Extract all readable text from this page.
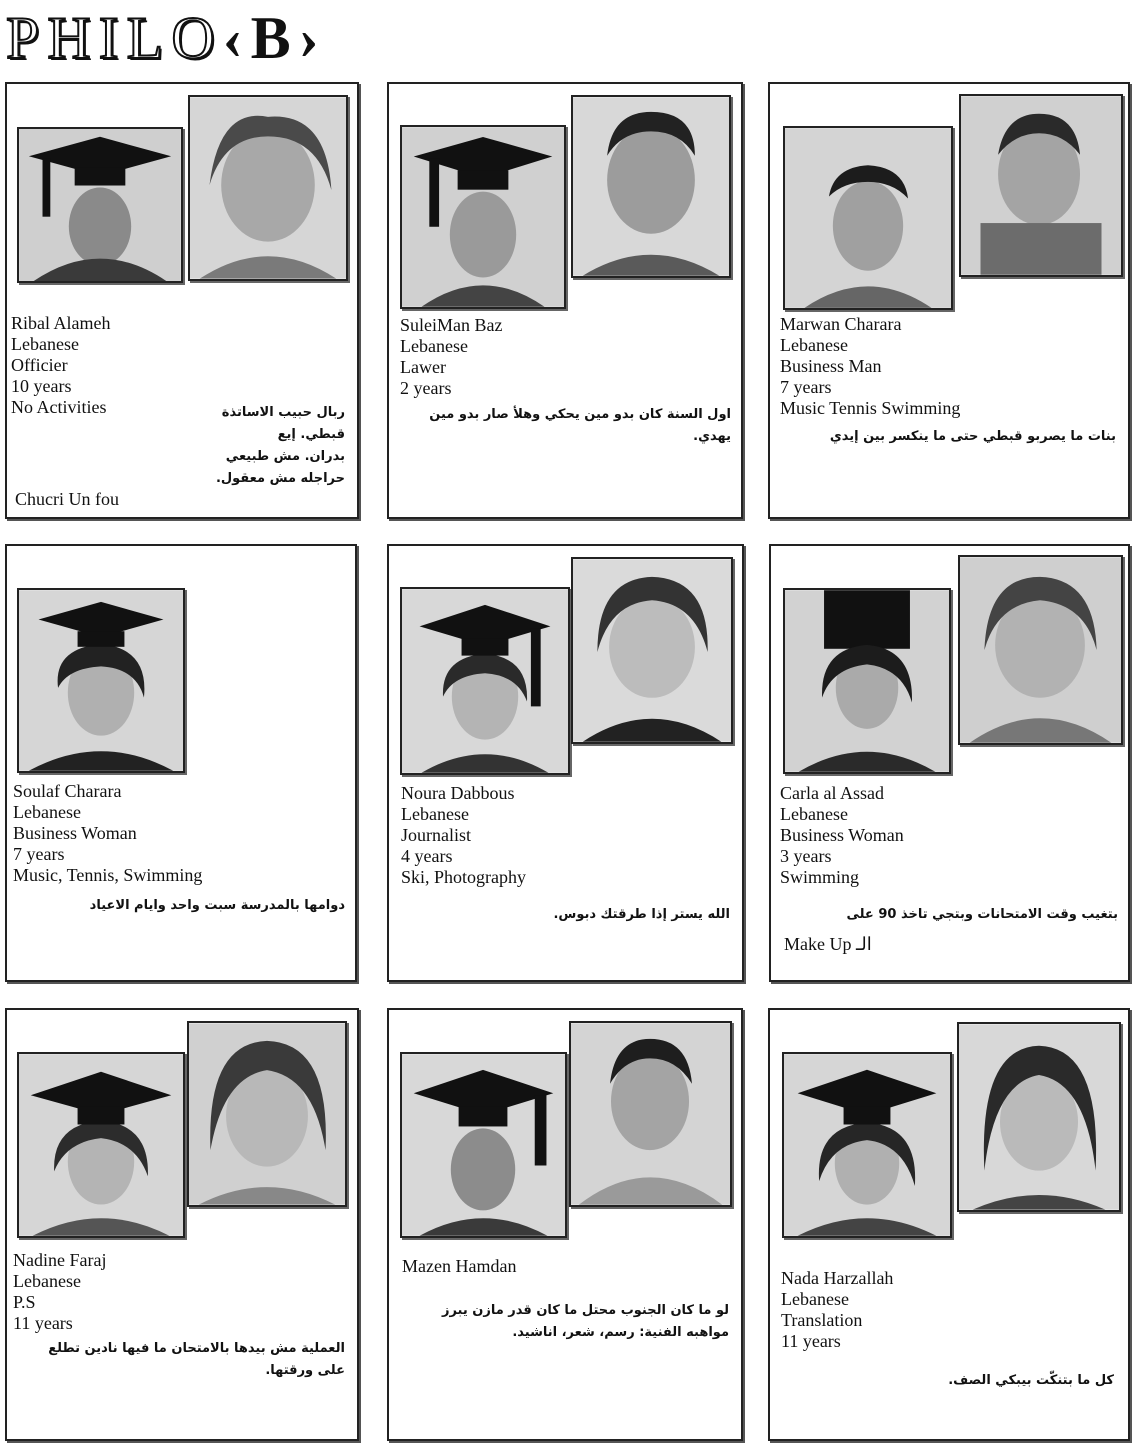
PHILO‹B›
Ribal Alameh
Lebanese
Officier
10 years
No Activities	ربال حبيب الاساتذة
قبطي. إيع
بدران. مش طبيعي
حراجله مش معقول.
Chucri Un fou
SuleiMan Baz
Lebanese
Lawer
2 years
اول السنة كان بدو مين يحكي وهلأ صار بدو مين
يهدي.
Marwan Charara
Lebanese
Business Man
7 years
Music Tennis Swimming
بنات ما يصربو قبطي حتى ما ينكسر بين إيدي
Soulaf Charara
Lebanese
Business Woman
7 years
Music, Tennis, Swimming
دوامها بالمدرسة سبت واحد وايام الاعياد
Noura Dabbous
Lebanese
Journalist
4 years
Ski, Photography
الله يستر إذا طرقتك دبوس.
Carla al Assad
Lebanese
Business Woman
3 years
Swimming
بتغيب وقت الامتحانات وبتجي تاخذ 90 على
Make Up الـ
Nadine Faraj
Lebanese
P.S
11 years
العملية مش بيدها بالامتحان ما فيها نادين تطلع
على ورقتها.
Mazen Hamdan
لو ما كان الجنوب محتل ما كان قدر مازن يبرز
مواهبه الفنية: رسم، شعر، اناشيد.
Nada Harzallah
Lebanese
Translation
11 years
كل ما بتنكّت بيبكي الصف.
